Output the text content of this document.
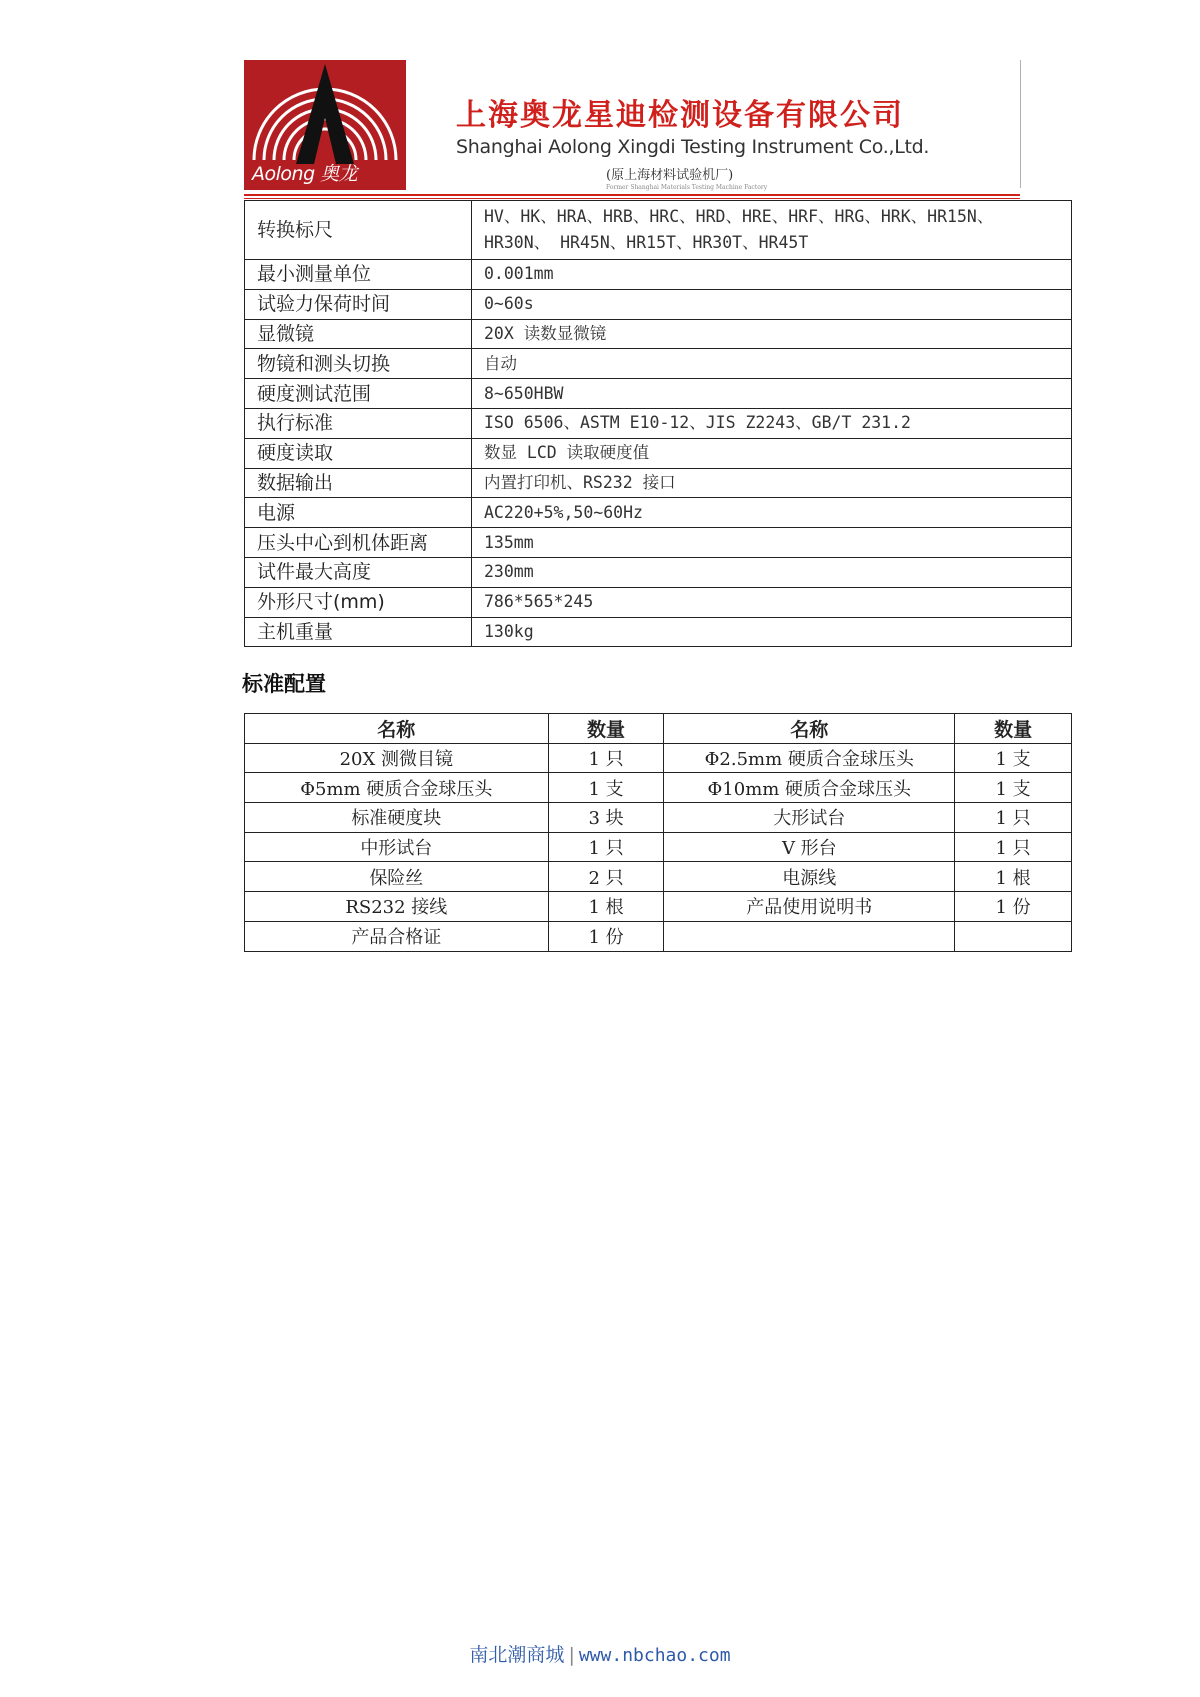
Aolong 奥龙
上海奥龙星迪检测设备有限公司
Shanghai Aolong Xingdi Testing Instrument Co.,Ltd.
(原上海材料试验机厂)
Former Shanghai Materials Testing Machine Factory
转换标尺	HV、HK、HRA、HRB、HRC、HRD、HRE、HRF、HRG、HRK、HR15N、
HR30N、 HR45N、HR15T、HR30T、HR45T

最小测量单位	0.001mm
试验力保荷时间	0~60s
显微镜	20X 读数显微镜
物镜和测头切换	自动
硬度测试范围	8~650HBW
执行标准	ISO 6506、ASTM E10-12、JIS Z2243、GB/T 231.2
硬度读取	数显 LCD 读取硬度值
数据输出	内置打印机、RS232 接口
电源	AC220+5%,50~60Hz
压头中心到机体距离	135mm
试件最大高度	230mm
外形尺寸(mm)	786*565*245
主机重量	130kg
标准配置
名称	数量	名称	数量
20X 测微目镜	1 只	Φ2.5mm 硬质合金球压头	1 支
Φ5mm 硬质合金球压头	1 支	Φ10mm 硬质合金球压头	1 支
标准硬度块	3 块	大形试台	1 只
中形试台	1 只	V 形台	1 只
保险丝	2 只	电源线	1 根
RS232 接线	1 根	产品使用说明书	1 份
产品合格证	1 份		
南北潮商城 | www.nbchao.com
